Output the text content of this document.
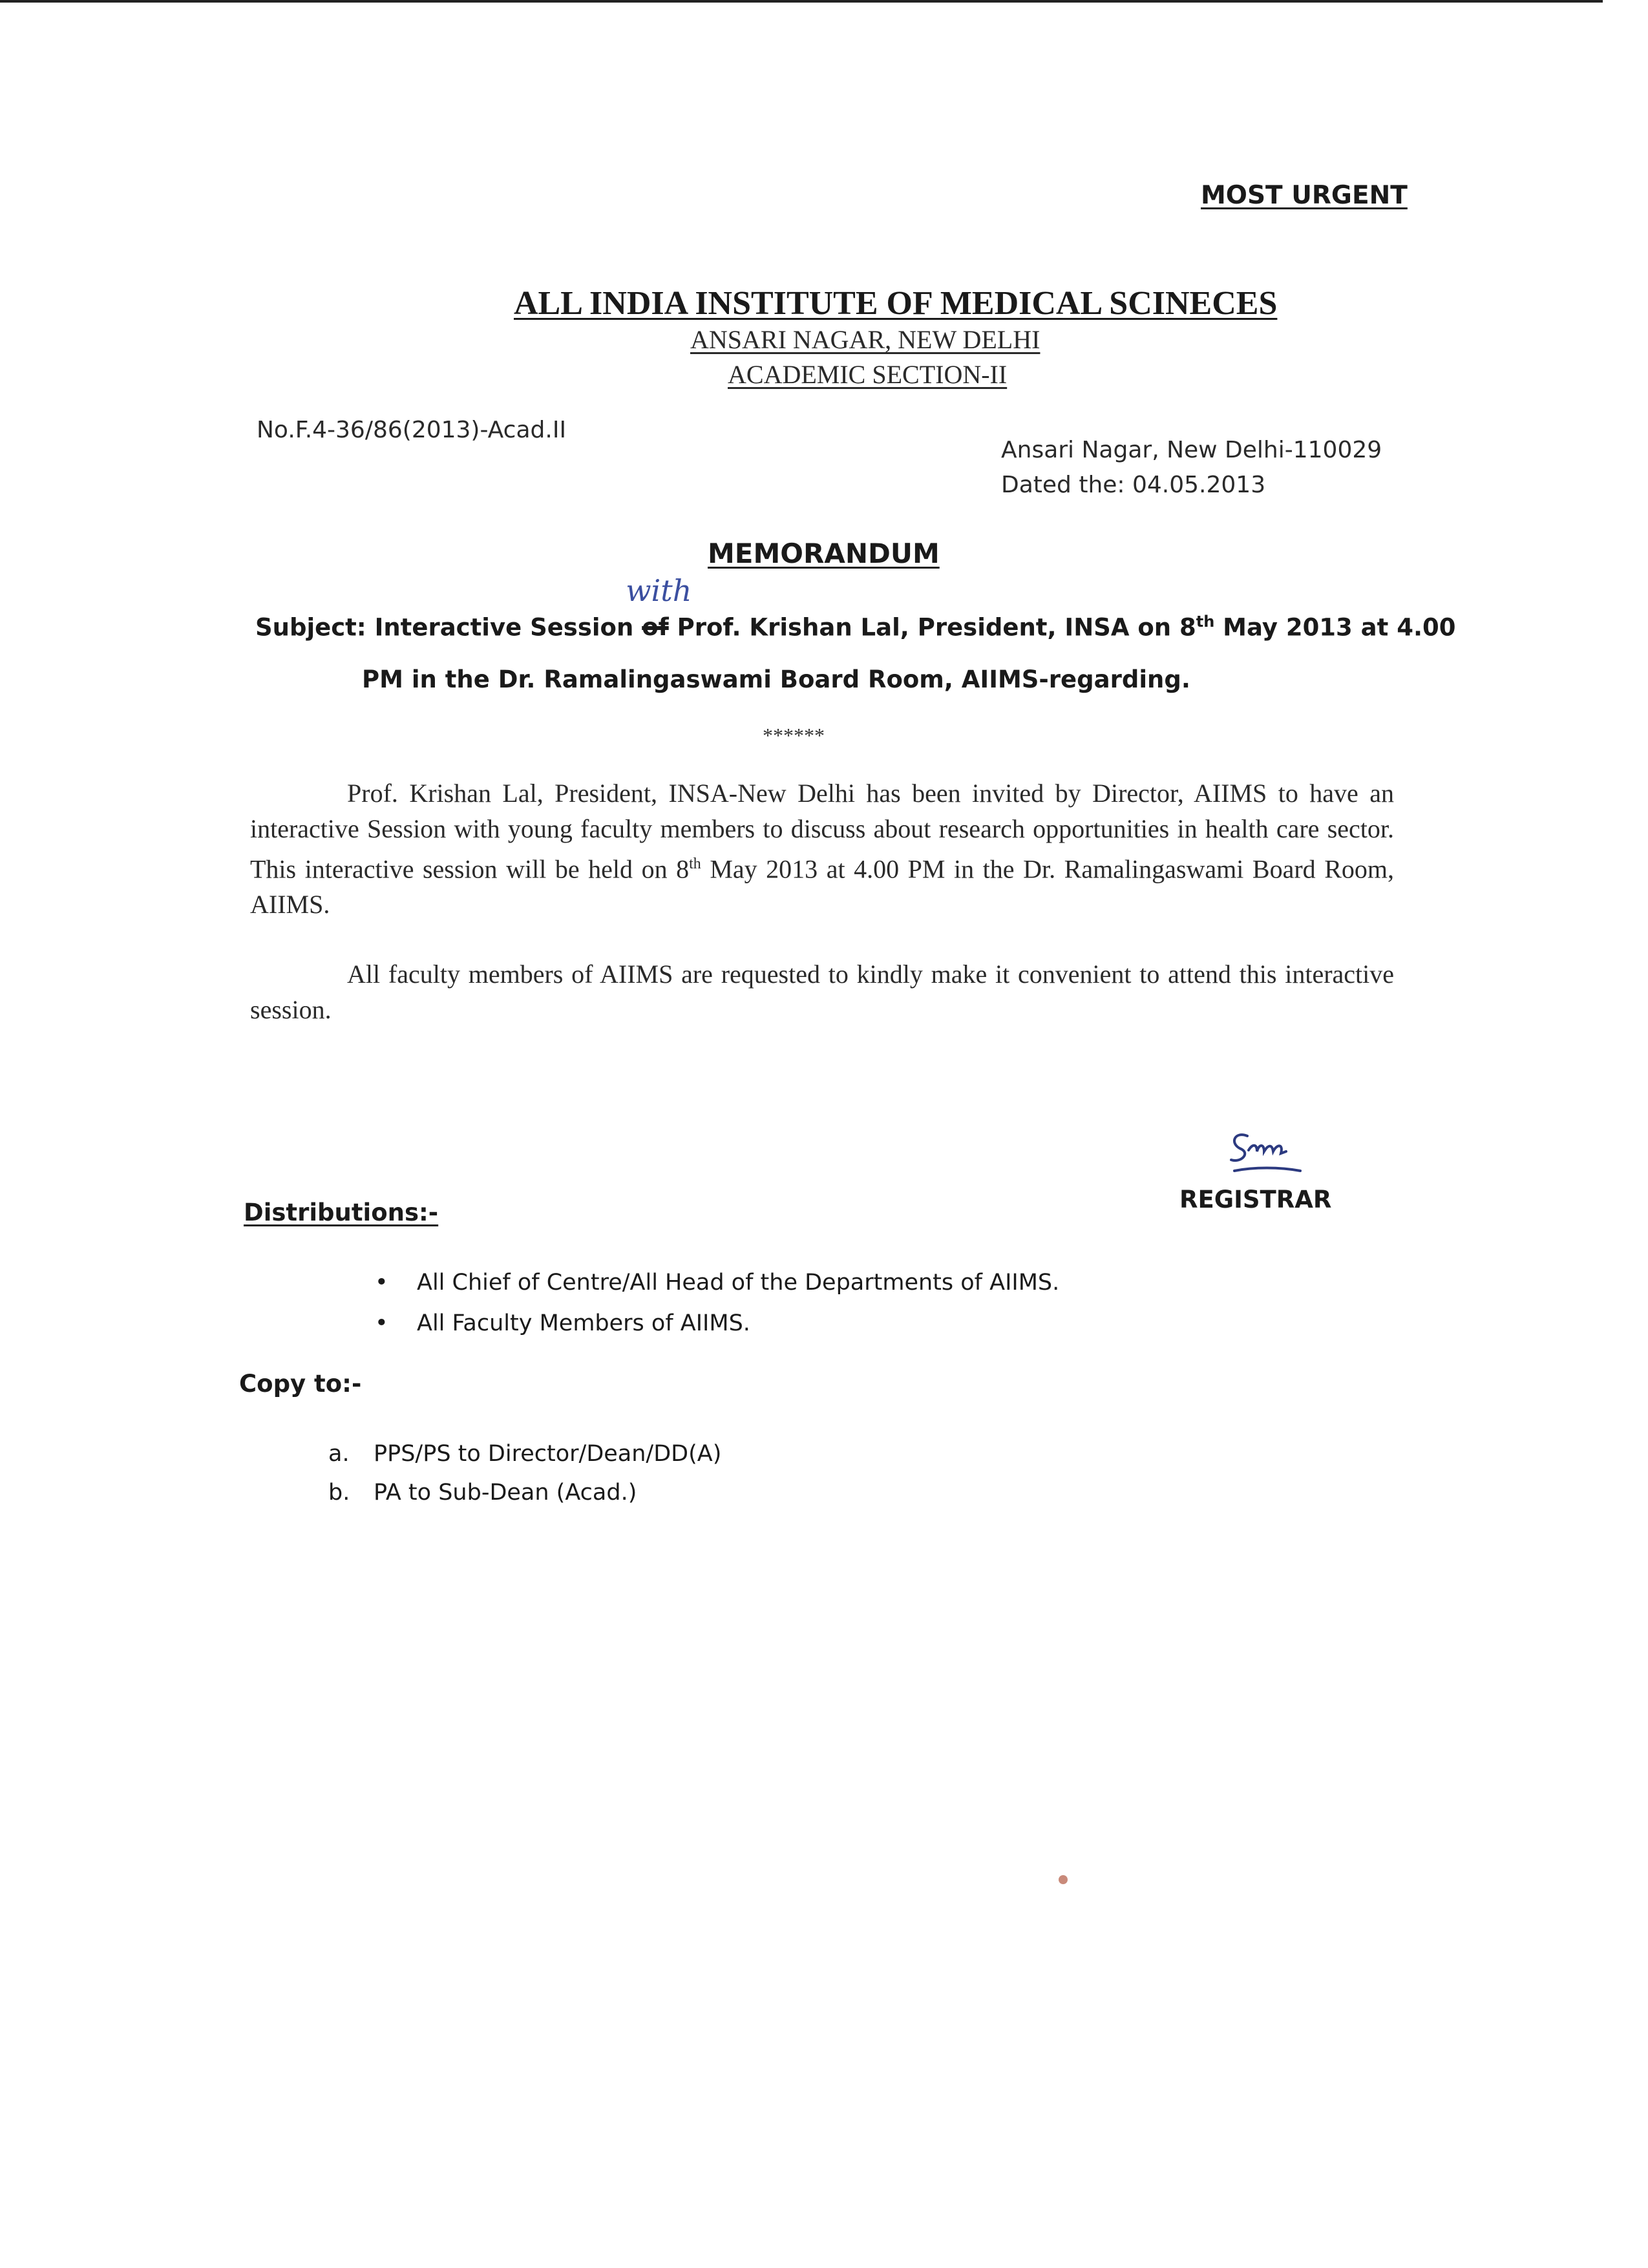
MOST URGENT
ALL INDIA INSTITUTE OF MEDICAL SCINECES
ANSARI NAGAR, NEW DELHI
ACADEMIC SECTION-II
No.F.4-36/86(2013)-Acad.II
Ansari Nagar, New Delhi-110029
Dated the: 04.05.2013
MEMORANDUM
Subject: Interactive Session of
with
Prof. Krishan Lal, President, INSA on 8th May 2013 at 4.00
PM in the Dr. Ramalingaswami Board Room, AIIMS-regarding.
******
Prof. Krishan Lal, President, INSA-New Delhi has been invited by Director, AIIMS to have an interactive Session with young faculty members to discuss about research opportunities in health care sector. This interactive session will be held on 8th May 2013 at 4.00 PM in the Dr. Ramalingaswami Board Room, AIIMS.
All faculty members of AIIMS are requested to kindly make it convenient to attend this interactive session.
REGISTRAR
Distributions:-
• All Chief of Centre/All Head of the Departments of AIIMS.
• All Faculty Members of AIIMS.
Copy to:-
a. PPS/PS to Director/Dean/DD(A)
b. PA to Sub-Dean (Acad.)
